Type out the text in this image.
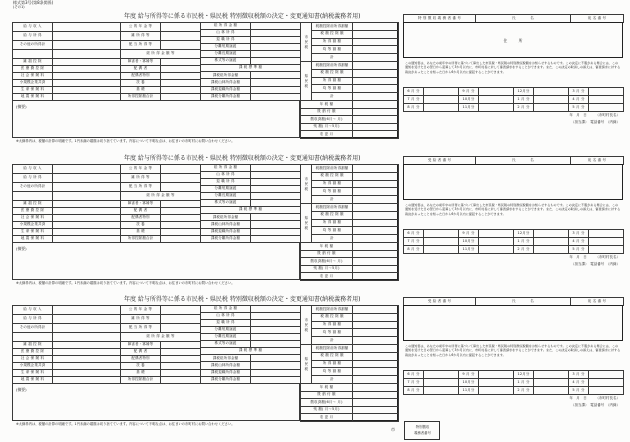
様式第3号(第8条関係)
(その1)
年度 給与所得等に係る市民税・県民税 特別徴収税額の決定・変更通知書(納税義務者用)
給 与 収 入		公 的 年 金 等	
給 与 所 得		雑 所 得 等	
その他の所得計		配 当 所 得 等	
		総 所 得 金 額 等	
雑 損 控 除		障害者・寡婦等	
医 療 費 控 除		配 偶 者	
社 会 保 険 料		配偶者特別	
小規模企業共済		扶 養	
生 命 保 険 料		基 礎	
地 震 保 険 料		所得控除額合計	
総 所 得 金 額	
山 林 所 得	
退 職 所 得	
分離短期譲渡	
分離長期譲渡	
株式等の譲渡	
課 税 標 準 額	
課税総所得金額	
課税山林所得金額	
課税退職所得金額	
課税分離所得金額	
市 民 税	税額控除前所得割額	
	税 額 控 除 額	
	所 得 割 額	
	均 等 割 額	
	計	
県 民 税	税額控除前所得割額	
	税 額 控 除 額	
	所 得 割 額	
	均 等 割 額	
	計	
年 税 額	
既 納 付 額	
徴収済額(6月〜 月)	
残 額( 月〜5月)	
変 更 月	
(摘要)
※太線枠内は、税額の計算の明細です。1円未満の端数は切り捨てています。内容について不明な点は、お住まいの市町村にお問い合わせください。
特 別 徴 収 義 務 者 番 号	氏　　　　名	宛 名 番 号
住　　　所
この通知書は、あなたの前年中の所得に基づいて算出した市民税・県民税の特別徴収税額をお知らせするものです。この決定に不服がある場合には、この通知を受けた日の翌日から起算して3か月以内に、市町村長に対して審査請求をすることができます。また、この決定の取消しの訴えは、審査請求に対する裁決があったことを知った日から6か月以内に提起することができます。
6 月 分		9 月 分		12月分		3 月 分	
7 月 分		10月分		1 月 分		4 月 分	
8 月 分		11月分		2 月 分		5 月 分	
年　月　日　　　（市町村長名）
（担当課）　電話番号　（内線）
年度 給与所得等に係る市民税・県民税 特別徴収税額の決定・変更通知書(納税義務者用)
給 与 収 入		公 的 年 金 等	
給 与 所 得		雑 所 得 等	
その他の所得計		配 当 所 得 等	
		総 所 得 金 額 等	
雑 損 控 除		障害者・寡婦等	
医 療 費 控 除		配 偶 者	
社 会 保 険 料		配偶者特別	
小規模企業共済		扶 養	
生 命 保 険 料		基 礎	
地 震 保 険 料		所得控除額合計	
総 所 得 金 額	
山 林 所 得	
退 職 所 得	
分離短期譲渡	
分離長期譲渡	
株式等の譲渡	
課 税 標 準 額	
課税総所得金額	
課税山林所得金額	
課税退職所得金額	
課税分離所得金額	
市 民 税	税額控除前所得割額	
	税 額 控 除 額	
	所 得 割 額	
	均 等 割 額	
	計	
県 民 税	税額控除前所得割額	
	税 額 控 除 額	
	所 得 割 額	
	均 等 割 額	
	計	
年 税 額	
既 納 付 額	
徴収済額(6月〜 月)	
残 額( 月〜5月)	
変 更 月	
(摘要)
※太線枠内は、税額の計算の明細です。1円未満の端数は切り捨てています。内容について不明な点は、お住まいの市町村にお問い合わせください。
受 給 者 番 号	氏　　　　名	宛 名 番 号
この通知書は、あなたの前年中の所得に基づいて算出した市民税・県民税の特別徴収税額をお知らせするものです。この決定に不服がある場合には、この通知を受けた日の翌日から起算して3か月以内に、市町村長に対して審査請求をすることができます。また、この決定の取消しの訴えは、審査請求に対する裁決があったことを知った日から6か月以内に提起することができます。
6 月 分		9 月 分		12月分		3 月 分	
7 月 分		10月分		1 月 分		4 月 分	
8 月 分		11月分		2 月 分		5 月 分	
年　月　日　　　（市町村長名）
（担当課）　電話番号　（内線）
年度 給与所得等に係る市民税・県民税 特別徴収税額の決定・変更通知書(納税義務者用)
給 与 収 入		公 的 年 金 等	
給 与 所 得		雑 所 得 等	
その他の所得計		配 当 所 得 等	
		総 所 得 金 額 等	
雑 損 控 除		障害者・寡婦等	
医 療 費 控 除		配 偶 者	
社 会 保 険 料		配偶者特別	
小規模企業共済		扶 養	
生 命 保 険 料		基 礎	
地 震 保 険 料		所得控除額合計	
総 所 得 金 額	
山 林 所 得	
退 職 所 得	
分離短期譲渡	
分離長期譲渡	
株式等の譲渡	
課 税 標 準 額	
課税総所得金額	
課税山林所得金額	
課税退職所得金額	
課税分離所得金額	
市 民 税	税額控除前所得割額	
	税 額 控 除 額	
	所 得 割 額	
	均 等 割 額	
	計	
県 民 税	税額控除前所得割額	
	税 額 控 除 額	
	所 得 割 額	
	均 等 割 額	
	計	
年 税 額	
既 納 付 額	
徴収済額(6月〜 月)	
残 額( 月〜5月)	
変 更 月	
(摘要)
※太線枠内は、税額の計算の明細です。1円未満の端数は切り捨てています。内容について不明な点は、お住まいの市町村にお問い合わせください。
受 給 者 番 号	氏　　　　名	宛 名 番 号
この通知書は、あなたの前年中の所得に基づいて算出した市民税・県民税の特別徴収税額をお知らせするものです。この決定に不服がある場合には、この通知を受けた日の翌日から起算して3か月以内に、市町村長に対して審査請求をすることができます。また、この決定の取消しの訴えは、審査請求に対する裁決があったことを知った日から6か月以内に提起することができます。
6 月 分		9 月 分		12月分		3 月 分	
7 月 分		10月分		1 月 分		4 月 分	
8 月 分		11月分		2 月 分		5 月 分	
年　月　日　　　（市町村長名）
（担当課）　電話番号　（内線）
市	特別徴収
義務者番号
